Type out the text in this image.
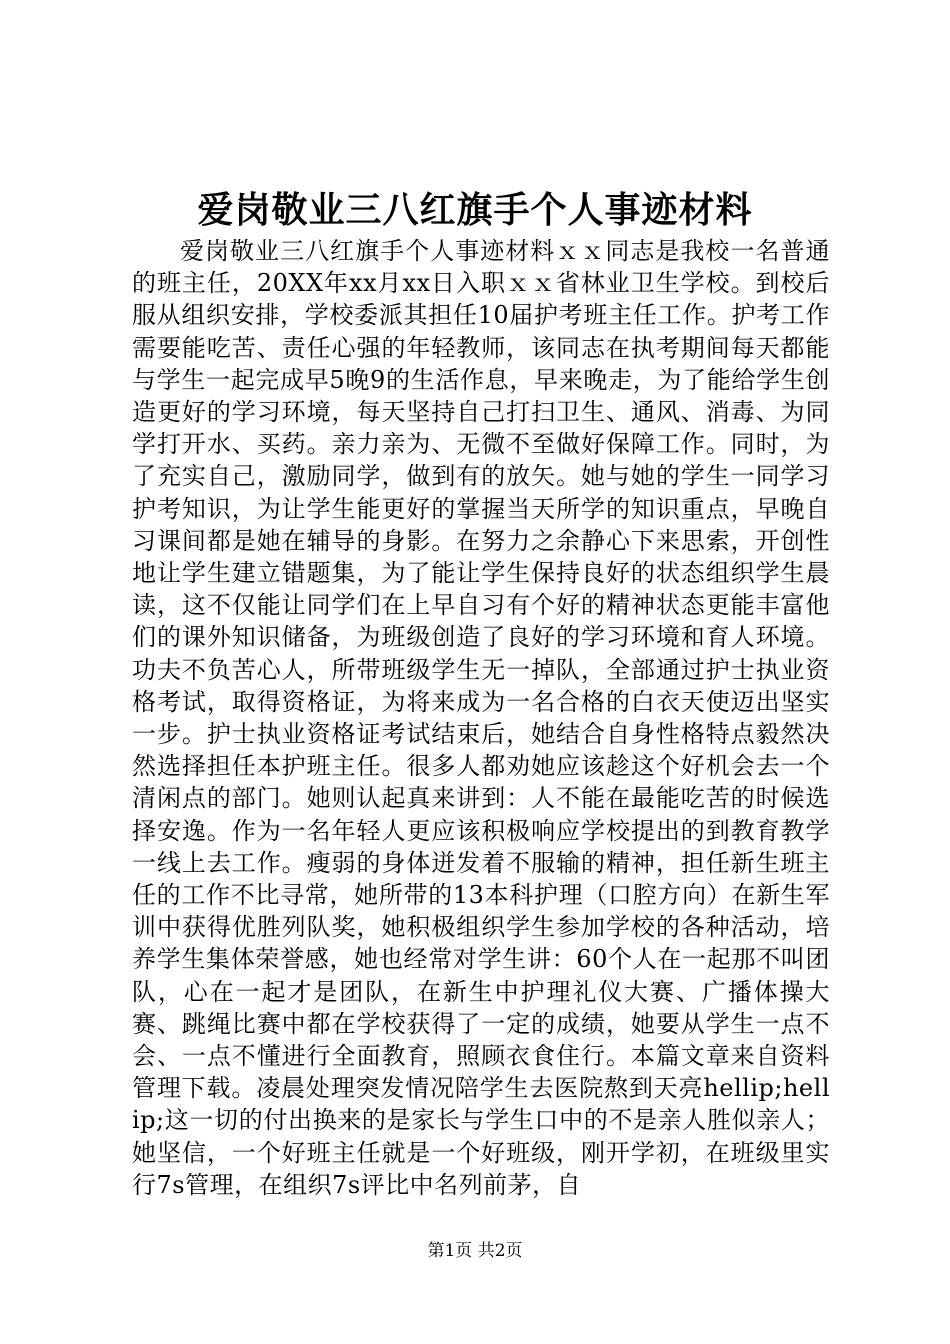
爱岗敬业三八红旗手个人事迹材料

爱岗敬业三八红旗手个人事迹材料ｘｘ同志是我校一名普通的班主任，20XX年xx月xx日入职ｘｘ省林业卫生学校。到校后服从组织安排，学校委派其担任10届护考班主任工作。护考工作需要能吃苦、责任心强的年轻教师，该同志在执考期间每天都能与学生一起完成早5晚9的生活作息，早来晚走，为了能给学生创造更好的学习环境，每天坚持自己打扫卫生、通风、消毒、为同学打开水、买药。亲力亲为、无微不至做好保障工作。同时，为了充实自己，激励同学，做到有的放矢。她与她的学生一同学习护考知识，为让学生能更好的掌握当天所学的知识重点，早晚自习课间都是她在辅导的身影。在努力之余静心下来思索，开创性地让学生建立错题集，为了能让学生保持良好的状态组织学生晨读，这不仅能让同学们在上早自习有个好的精神状态更能丰富他们的课外知识储备，为班级创造了良好的学习环境和育人环境。功夫不负苦心人，所带班级学生无一掉队，全部通过护士执业资格考试，取得资格证，为将来成为一名合格的白衣天使迈出坚实一步。护士执业资格证考试结束后，她结合自身性格特点毅然决然选择担任本护班主任。很多人都劝她应该趁这个好机会去一个清闲点的部门。她则认起真来讲到：人不能在最能吃苦的时候选择安逸。作为一名年轻人更应该积极响应学校提出的到教育教学一线上去工作。瘦弱的身体迸发着不服输的精神，担任新生班主任的工作不比寻常，她所带的13本科护理（口腔方向）在新生军训中获得优胜列队奖，她积极组织学生参加学校的各种活动，培养学生集体荣誉感，她也经常对学生讲：60个人在一起那不叫团队，心在一起才是团队，在新生中护理礼仪大赛、广播体操大赛、跳绳比赛中都在学校获得了一定的成绩，她要从学生一点不会、一点不懂进行全面教育，照顾衣食住行。本篇文章来自资料管理下载。凌晨处理突发情况陪学生去医院熬到天亮hellip;hellip;这一切的付出换来的是家长与学生口中的不是亲人胜似亲人；她坚信，一个好班主任就是一个好班级，刚开学初，在班级里实行7s管理，在组织7s评比中名列前茅，自

第1页 共2页
